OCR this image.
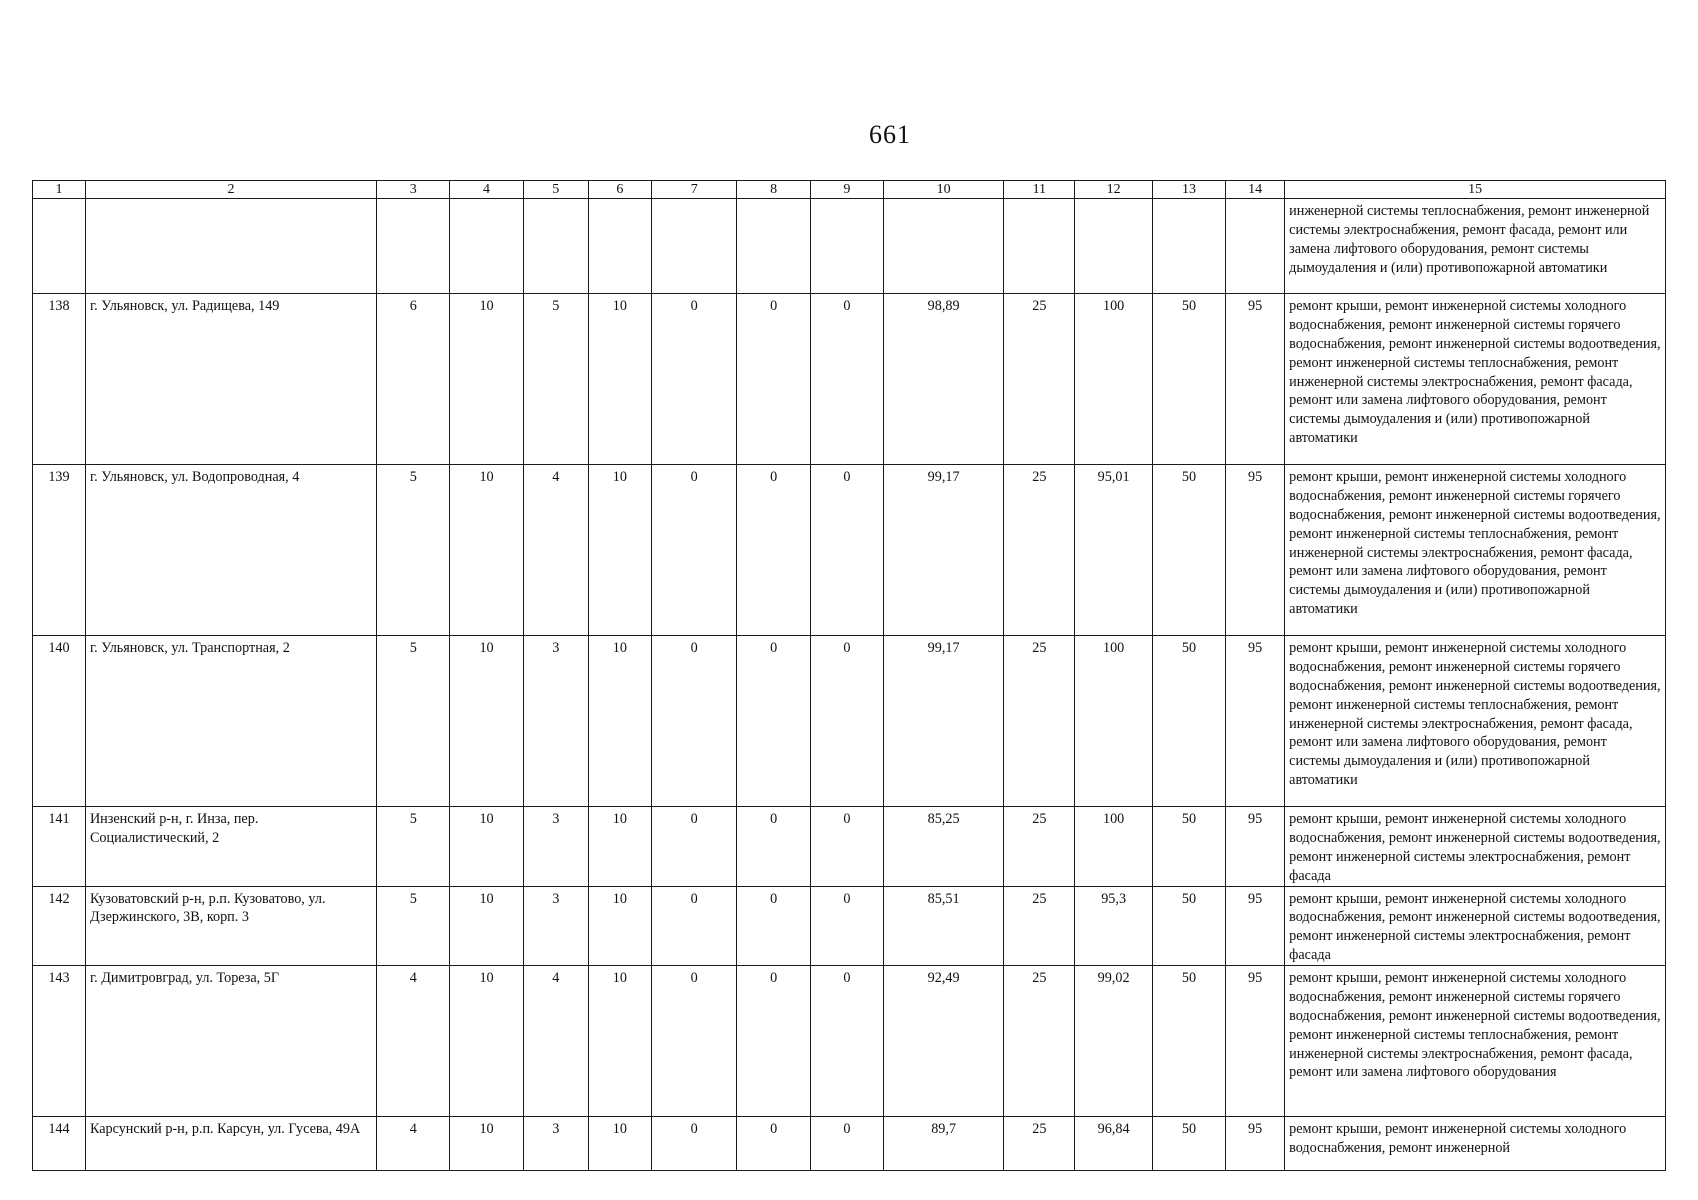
661
1	2	3	4	5	6	7	8	9	10	11	12	13	14	15
														инженерной системы теплоснабжения, ремонт инженерной системы электроснабжения, ремонт фасада, ремонт или замена лифтового оборудования, ремонт системы дымоудаления и (или) противопожарной автоматики
138	г. Ульяновск, ул. Радищева, 149	6	10	5	10	0	0	0	98,89	25	100	50	95	ремонт крыши, ремонт инженерной системы холодного водоснабжения, ремонт инженерной системы горячего водоснабжения, ремонт инженерной системы водоотведения, ремонт инженерной системы теплоснабжения, ремонт инженерной системы электроснабжения, ремонт фасада, ремонт или замена лифтового оборудования, ремонт системы дымоудаления и (или) противопожарной автоматики
139	г. Ульяновск, ул. Водопроводная, 4	5	10	4	10	0	0	0	99,17	25	95,01	50	95	ремонт крыши, ремонт инженерной системы холодного водоснабжения, ремонт инженерной системы горячего водоснабжения, ремонт инженерной системы водоотведения, ремонт инженерной системы теплоснабжения, ремонт инженерной системы электроснабжения, ремонт фасада, ремонт или замена лифтового оборудования, ремонт системы дымоудаления и (или) противопожарной автоматики
140	г. Ульяновск, ул. Транспортная, 2	5	10	3	10	0	0	0	99,17	25	100	50	95	ремонт крыши, ремонт инженерной системы холодного водоснабжения, ремонт инженерной системы горячего водоснабжения, ремонт инженерной системы водоотведения, ремонт инженерной системы теплоснабжения, ремонт инженерной системы электроснабжения, ремонт фасада, ремонт или замена лифтового оборудования, ремонт системы дымоудаления и (или) противопожарной автоматики
141	Инзенский р-н, г. Инза, пер. Социалистический, 2	5	10	3	10	0	0	0	85,25	25	100	50	95	ремонт крыши, ремонт инженерной системы холодного водоснабжения, ремонт инженерной системы водоотведения, ремонт инженерной системы электроснабжения, ремонт фасада
142	Кузоватовский р-н, р.п. Кузоватово, ул. Дзержинского, 3В, корп. 3	5	10	3	10	0	0	0	85,51	25	95,3	50	95	ремонт крыши, ремонт инженерной системы холодного водоснабжения, ремонт инженерной системы водоотведения, ремонт инженерной системы электроснабжения, ремонт фасада
143	г. Димитровград, ул. Тореза, 5Г	4	10	4	10	0	0	0	92,49	25	99,02	50	95	ремонт крыши, ремонт инженерной системы холодного водоснабжения, ремонт инженерной системы горячего водоснабжения, ремонт инженерной системы водоотведения, ремонт инженерной системы теплоснабжения, ремонт инженерной системы электроснабжения, ремонт фасада, ремонт или замена лифтового оборудования
144	Карсунский р-н, р.п. Карсун, ул. Гусева, 49А	4	10	3	10	0	0	0	89,7	25	96,84	50	95	ремонт крыши, ремонт инженерной системы холодного водоснабжения, ремонт инженерной
